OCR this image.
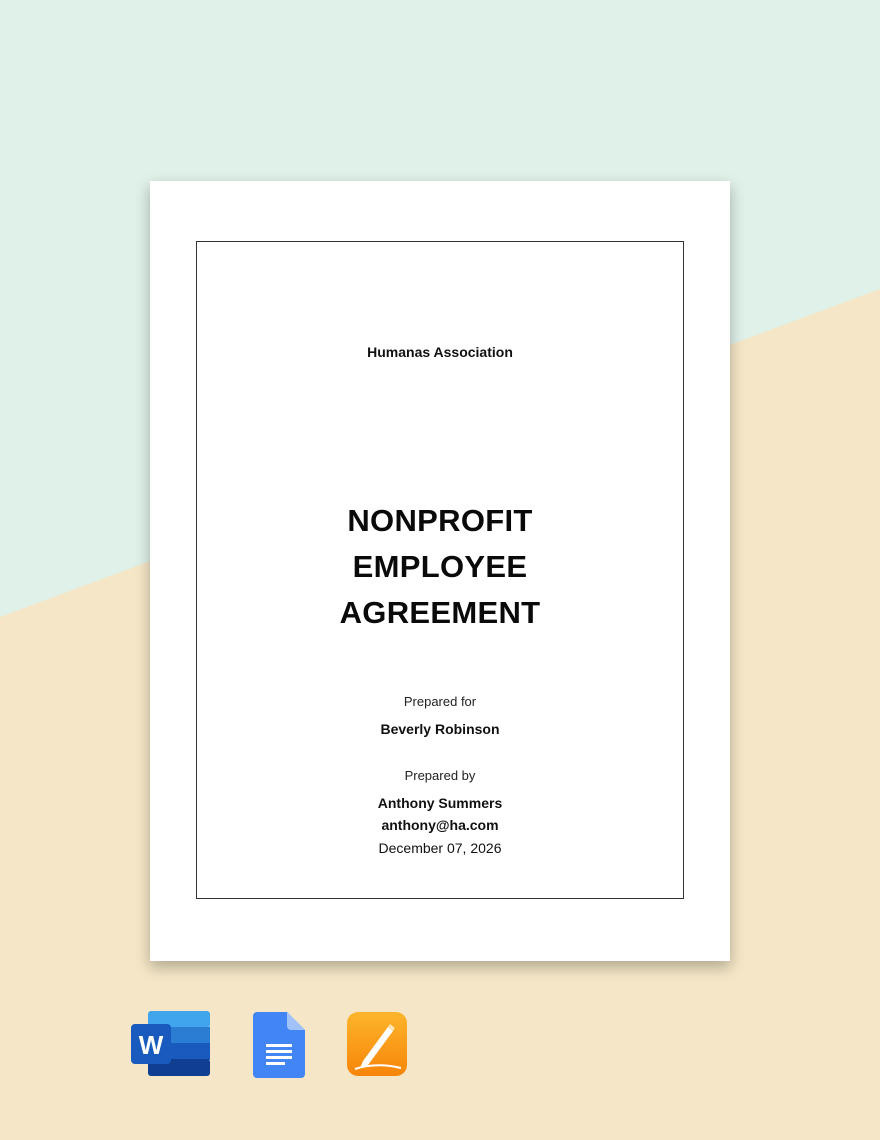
Humanas Association
NONPROFIT
EMPLOYEE
AGREEMENT
Prepared for
Beverly Robinson
Prepared by
Anthony Summers
anthony@ha.com
December 07, 2026
W
